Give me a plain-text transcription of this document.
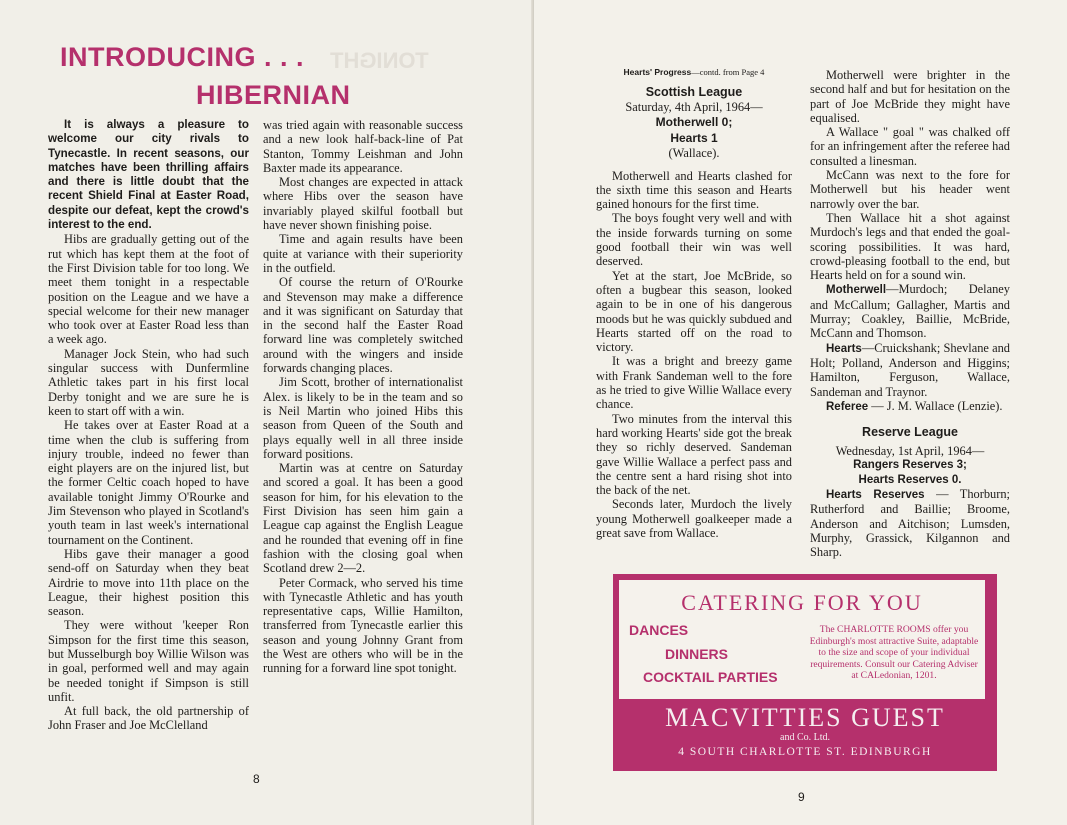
TONIGHT
INTRODUCING . . .
HIBERNIAN

It is always a pleasure to welcome our city rivals to Tynecastle. In recent seasons, our matches have been thrilling affairs and there is little doubt that the recent Shield Final at Easter Road, despite our defeat, kept the crowd's interest to the end.

Hibs are gradually getting out of the rut which has kept them at the foot of the First Division table for too long. We meet them tonight in a respectable position on the League and we have a special welcome for their new manager who took over at Easter Road less than a week ago.

Manager Jock Stein, who had such singular success with Dunfermline Athletic takes part in his first local Derby tonight and we are sure he is keen to start off with a win.

He takes over at Easter Road at a time when the club is suffering from injury trouble, indeed no fewer than eight players are on the injured list, but the former Celtic coach hoped to have available tonight Jimmy O'Rourke and Jim Stevenson who played in Scotland's youth team in last week's international tournament on the Continent.

Hibs gave their manager a good send-off on Saturday when they beat Airdrie to move into 11th place on the League, their highest position this season.

They were without 'keeper Ron Simpson for the first time this season, but Musselburgh boy Willie Wilson was in goal, performed well and may again be needed tonight if Simpson is still unfit.

At full back, the old partnership of John Fraser and Joe McClelland

was tried again with reasonable success and a new look half-back-line of Pat Stanton, Tommy Leishman and John Baxter made its appearance.

Most changes are expected in attack where Hibs over the season have invariably played skilful football but have never shown finishing poise.

Time and again results have been quite at variance with their superiority in the outfield.

Of course the return of O'Rourke and Stevenson may make a difference and it was significant on Saturday that in the second half the Easter Road forward line was completely switched around with the wingers and inside forwards changing places.

Jim Scott, brother of internationalist Alex. is likely to be in the team and so is Neil Martin who joined Hibs this season from Queen of the South and plays equally well in all three inside forward positions.

Martin was at centre on Saturday and scored a goal. It has been a good season for him, for his elevation to the First Division has seen him gain a League cap against the English League and he rounded that evening off in fine fashion with the closing goal when Scotland drew 2—2.

Peter Cormack, who served his time with Tynecastle Athletic and has youth representative caps, Willie Hamilton, transferred from Tynecastle earlier this season and young Johnny Grant from the West are others who will be in the running for a forward line spot tonight.

8
Hearts' Progress—contd. from Page 4
Scottish League
Saturday, 4th April, 1964—
Motherwell 0;
Hearts 1
(Wallace).

Motherwell and Hearts clashed for the sixth time this season and Hearts gained honours for the first time.

The boys fought very well and with the inside forwards turning on some good football their win was well deserved.

Yet at the start, Joe McBride, so often a bugbear this season, looked again to be in one of his dangerous moods but he was quickly subdued and Hearts started off on the road to victory.

It was a bright and breezy game with Frank Sandeman well to the fore as he tried to give Willie Wallace every chance.

Two minutes from the interval this hard working Hearts' side got the break they so richly deserved. Sandeman gave Willie Wallace a perfect pass and the centre sent a hard rising shot into the back of the net.

Seconds later, Murdoch the lively young Motherwell goalkeeper made a great save from Wallace.

Motherwell were brighter in the second half and but for hesitation on the part of Joe McBride they might have equalised.

A Wallace " goal " was chalked off for an infringement after the referee had consulted a linesman.

McCann was next to the fore for Motherwell but his header went narrowly over the bar.

Then Wallace hit a shot against Murdoch's legs and that ended the goal-scoring possibilities. It was hard, crowd-pleasing football to the end, but Hearts held on for a sound win.

Motherwell—Murdoch; Delaney and McCallum; Gallagher, Martis and Murray; Coakley, Baillie, McBride, McCann and Thomson.

Hearts—Cruickshank; Shevlane and Holt; Polland, Anderson and Higgins; Hamilton, Ferguson, Wallace, Sandeman and Traynor.

Referee — J. M. Wallace (Lenzie).

Reserve League
Wednesday, 1st April, 1964—
Rangers Reserves 3;
Hearts Reserves 0.

Hearts Reserves — Thorburn; Rutherford and Baillie; Broome, Anderson and Aitchison; Lumsden, Murphy, Grassick, Kilgannon and Sharp.

CATERING FOR YOU
DANCES
DINNERS
COCKTAIL PARTIES
The CHARLOTTE ROOMS offer you Edinburgh's most attractive Suite, adaptable to the size and scope of your individual requirements. Consult our Catering Adviser at CALedonian, 1201.
MACVITTIES GUEST
and Co. Ltd.
4 SOUTH CHARLOTTE ST. EDINBURGH
9
